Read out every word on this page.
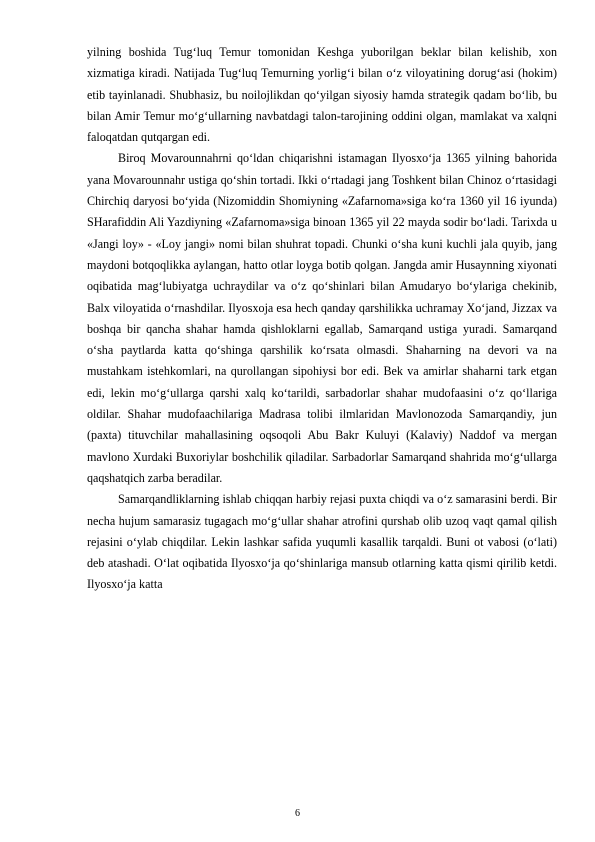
yilning boshida Tug‘luq Temur tomonidan Keshga yuborilgan beklar bilan kelishib, xon xizmatiga kiradi. Natijada Tug‘luq Temurning yorlig‘i bilan o‘z viloyatining dorug‘asi (hokim) etib tayinlanadi. Shubhasiz, bu noilojlikdan qo‘yilgan siyosiy hamda strategik qadam bo‘lib, bu bilan Amir Temur mo‘g‘ullarning navbatdagi talon-tarojining oddini olgan, mamlakat va xalqni faloqatdan qutqargan edi.

Biroq Movarounnahrni qo‘ldan chiqarishni istamagan Ilyosxo‘ja 1365 yilning bahorida yana Movarounnahr ustiga qo‘shin tortadi. Ikki o‘rtadagi jang Toshkent bilan Chinoz o‘rtasidagi Chirchiq daryosi bo‘yida (Nizomiddin Shomiyning «Zafarnoma»siga ko‘ra 1360 yil 16 iyunda) SHarafiddin Ali Yazdiyning «Zafarnoma»siga binoan 1365 yil 22 mayda sodir bo‘ladi. Tarixda u «Jangi loy» - «Loy jangi» nomi bilan shuhrat topadi. Chunki o‘sha kuni kuchli jala quyib, jang maydoni botqoqlikka aylangan, hatto otlar loyga botib qolgan. Jangda amir Husaynning xiyonati oqibatida mag‘lubiyatga uchraydilar va o‘z qo‘shinlari bilan Amudaryo bo‘ylariga chekinib, Balx viloyatida o‘rnashdilar. Ilyosxoja esa hech qanday qarshilikka uchramay Xo‘jand, Jizzax va boshqa bir qancha shahar hamda qishloklarni egallab, Samarqand ustiga yuradi. Samarqand o‘sha paytlarda katta qo‘shinga qarshilik ko‘rsata olmasdi. Shaharning na devori va na mustahkam istehkomlari, na qurollangan sipohiysi bor edi. Bek va amirlar shaharni tark etgan edi, lekin mo‘g‘ullarga qarshi xalq ko‘tarildi, sarbadorlar shahar mudofaasini o‘z qo‘llariga oldilar. Shahar mudofaachilariga Madrasa tolibi ilmlaridan Mavlonozoda Samarqandiy, jun (paxta) tituvchilar mahallasining oqsoqoli Abu Bakr Kuluyi (Kalaviy) Naddof va mergan mavlono Xurdaki Buxoriylar boshchilik qiladilar. Sarbadorlar Samarqand shahrida mo‘g‘ullarga qaqshatqich zarba beradilar.

Samarqandliklarning ishlab chiqqan harbiy rejasi puxta chiqdi va o‘z samarasini berdi. Bir necha hujum samarasiz tugagach mo‘g‘ullar shahar atrofini qurshab olib uzoq vaqt qamal qilish rejasini o‘ylab chiqdilar. Lekin lashkar safida yuqumli kasallik tarqaldi. Buni ot vabosi (o‘lati) deb atashadi. O‘lat oqibatida Ilyosxo‘ja qo‘shinlariga mansub otlarning katta qismi qirilib ketdi. Ilyosxo‘ja katta

6
